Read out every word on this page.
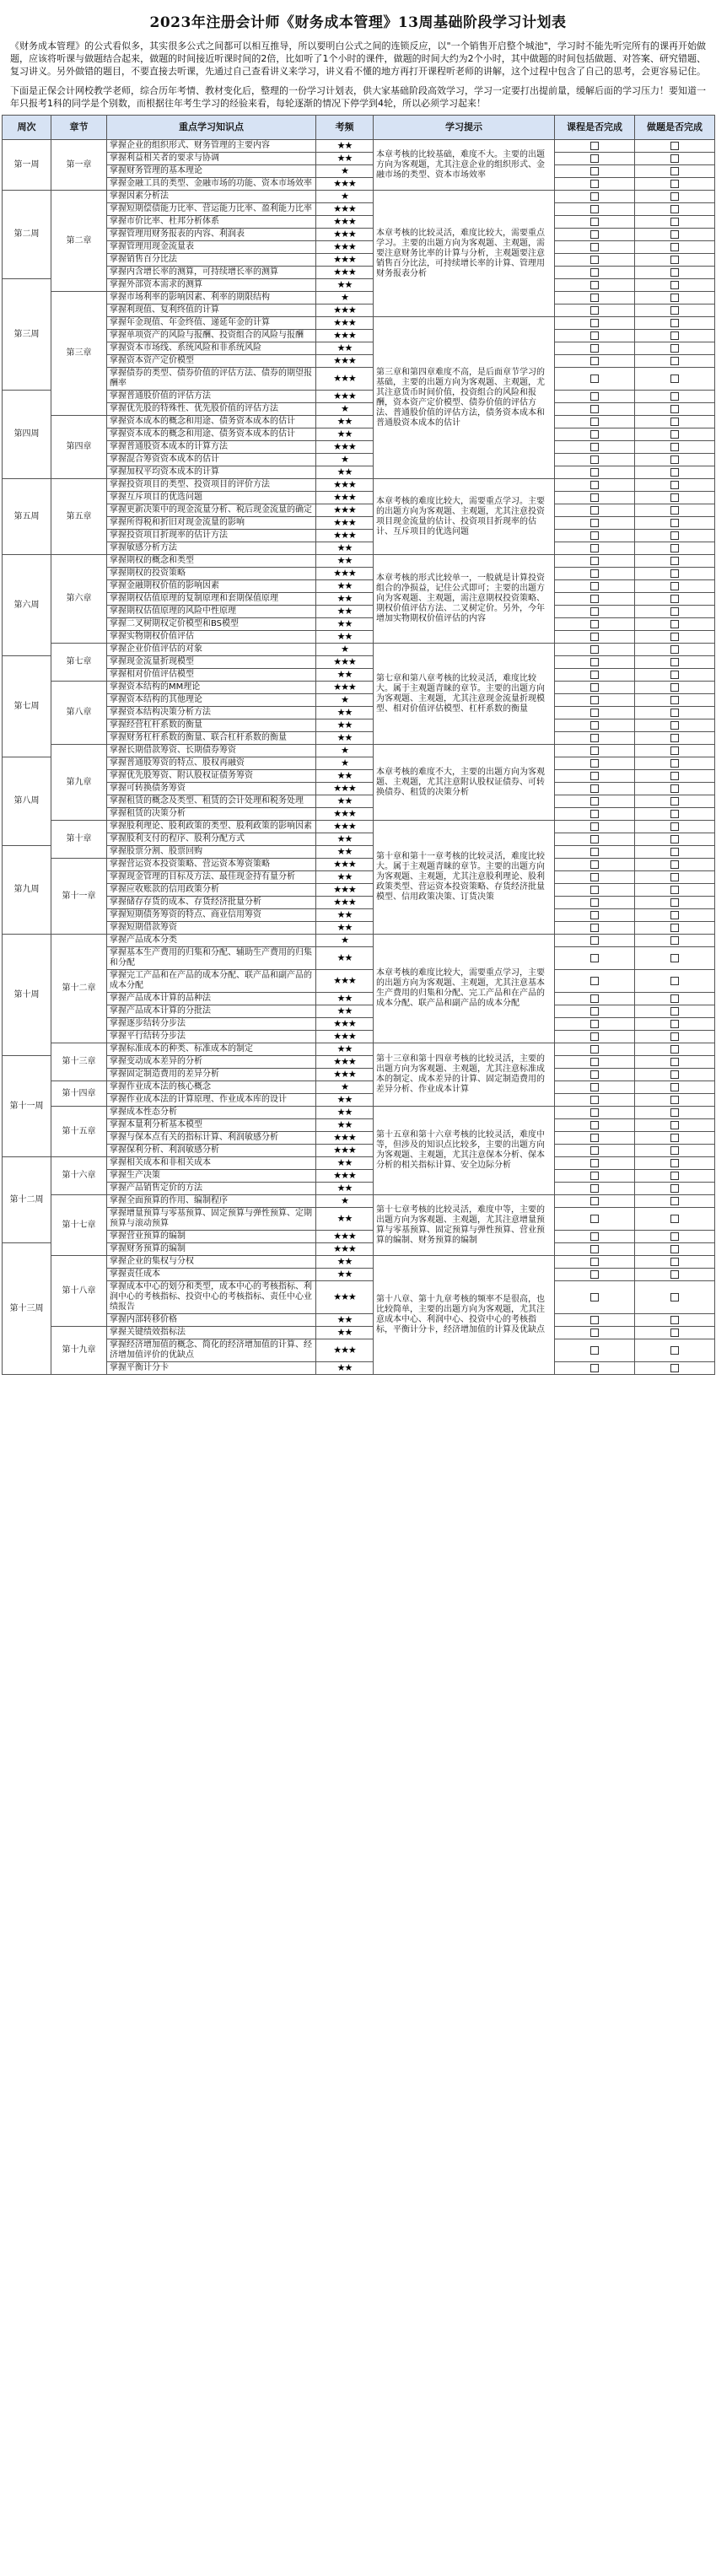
2023年注册会计师《财务成本管理》13周基础阶段学习计划表

《财务成本管理》的公式看似多，其实很多公式之间都可以相互推导，所以要明白公式之间的连锁反应，以"一个销售开启整个城池"，学习时不能先听完所有的课再开始做题，应该将听课与做题结合起来，做题的时间接近听课时间的2倍，比如听了1个小时的课件，做题的时间大约为2个小时，其中做题的时间包括做题、对答案、研究错题、复习讲义。另外做错的题目，不要直接去听课，先通过自己查看讲义来学习，讲义看不懂的地方再打开课程听老师的讲解，这个过程中包含了自己的思考，会更容易记住。

下面是正保会计网校教学老师，综合历年考情、教材变化后，整理的一份学习计划表，供大家基础阶段高效学习，学习一定要打出提前量，缓解后面的学习压力！要知道一年只报考1科的同学是个别数，而根据往年考生学习的经验来看，每轮逐渐的情况下停学到4轮，所以必须学习起来！

周次	章节	重点学习知识点	考频	学习提示	课程是否完成	做题是否完成
第一周	第一章	掌握企业的组织形式、财务管理的主要内容	★★	本章考核的比较基础，难度不大。主要的出题方向为客观题，尤其注意企业的组织形式、金融市场的类型、资本市场效率		
		掌握利益相关者的要求与协调	★★			
		掌握财务管理的基本理论	★			
		掌握金融工具的类型、金融市场的功能、资本市场效率	★★★			
第二周	第二章	掌握因素分析法	★	本章考核的比较灵活，难度比较大，需要重点学习。主要的出题方向为客观题、主观题，需要注意财务比率的计算与分析，主观题要注意销售百分比法，可持续增长率的计算、管理用财务报表分析		
		掌握短期偿债能力比率、营运能力比率、盈利能力比率	★★★			
		掌握市价比率、杜邦分析体系	★★★			
		掌握管理用财务报表的内容、利润表	★★★			
		掌握管理用现金流量表	★★★			
		掌握销售百分比法	★★★			
		掌握内含增长率的测算，可持续增长率的测算	★★★			
第三周		掌握外部资本需求的测算	★★			
	第三章	掌握市场利率的影响因素、利率的期限结构	★			
		掌握利现值、复利终值的计算	★★★			
		掌握年金现值、年金终值、递延年金的计算	★★★	第三章和第四章难度不高，是后面章节学习的基础，主要的出题方向为客观题、主观题，尤其注意货币时间价值，投资组合的风险和报酬，资本资产定价模型、债券价值的评估方法、普通股价值的评估方法，债务资本成本和普通股资本成本的估计		
		掌握单项资产的风险与报酬、投资组合的风险与报酬	★★★			
		掌握资本市场线、系统风险和非系统风险	★★			
		掌握资本资产定价模型	★★★			
		掌握债券的类型、债券价值的评估方法、债券的期望报酬率	★★★			
第四周		掌握普通股价值的评估方法	★★★			
		掌握优先股的特殊性、优先股价值的评估方法	★			
	第四章	掌握资本成本的概念和用途、债务资本成本的估计	★★			
		掌握资本成本的概念和用途、债务资本成本的估计	★★			
		掌握普通股资本成本的计算方法	★★★			
		掌握混合筹资资本成本的估计	★			
		掌握加权平均资本成本的计算	★★			
第五周	第五章	掌握投资项目的类型、投资项目的评价方法	★★★	本章考核的难度比较大，需要重点学习。主要的出题方向为客观题、主观题，尤其注意投资项目现金流量的估计、投资项目折现率的估计、互斥项目的优选问题		
		掌握互斥项目的优选问题	★★★			
		掌握更新决策中的现金流量分析、税后现金流量的确定	★★★			
		掌握所得税和折旧对现金流量的影响	★★★			
		掌握投资项目折现率的估计方法	★★★			
		掌握敏感分析方法	★★			
第六周	第六章	掌握期权的概念和类型	★★	本章考核的形式比较单一，一般就是计算投资组合的净损益，记住公式即可；主要的出题方向为客观题、主观题，需注意期权投资策略、期权价值评估方法、二叉树定价。另外，今年增加实物期权价值评估的内容		
		掌握期权的投资策略	★★★			
		掌握金融期权价值的影响因素	★★			
		掌握期权估值原理的复制原理和套期保值原理	★★			
		掌握期权估值原理的风险中性原理	★★			
		掌握二叉树期权定价模型和BS模型	★★			
		掌握实物期权价值评估	★★			
	第七章	掌握企业价值评估的对象	★	第七章和第八章考核的比较灵活，难度比较大。属于主观题青睐的章节。主要的出题方向为客观题、主观题，尤其注意现金流量折现模型、相对价值评估模型、杠杆系数的衡量		
第七周		掌握现金流量折现模型	★★★			
		掌握相对价值评估模型	★★			
	第八章	掌握资本结构的MM理论	★★★			
		掌握资本结构的其他理论	★			
		掌握资本结构决策分析方法	★★			
		掌握经营杠杆系数的衡量	★★			
		掌握财务杠杆系数的衡量、联合杠杆系数的衡量	★★			
	第九章	掌握长期借款筹资、长期债券筹资	★	本章考核的难度不大，主要的出题方向为客观题、主观题，尤其注意附认股权证债券、可转换债券、租赁的决策分析		
第八周		掌握普通股筹资的特点、股权再融资	★			
		掌握优先股筹资、附认股权证债务筹资	★★			
		掌握可转换债务筹资	★★★			
		掌握租赁的概念及类型、租赁的会计处理和税务处理	★★			
		掌握租赁的决策分析	★★★			
	第十章	掌握股利理论、股利政策的类型、股利政策的影响因素	★★★	第十章和第十一章考核的比较灵活，难度比较大。属于主观题青睐的章节。主要的出题方向为客观题、主观题，尤其注意股利理论、股利政策类型、营运资本投资策略、存货经济批量模型、信用政策决策、订货决策		
		掌握股利支付的程序、股利分配方式	★★			
第九周		掌握股票分割、股票回购	★★			
	第十一章	掌握营运资本投资策略、营运资本筹资策略	★★★			
		掌握现金管理的目标及方法、最佳现金持有量分析	★★			
		掌握应收账款的信用政策分析	★★★			
		掌握储存存货的成本、存货经济批量分析	★★★			
		掌握短期债务筹资的特点、商业信用筹资	★★			
		掌握短期借款筹资	★★			
第十周	第十二章	掌握产品成本分类	★	本章考核的难度比较大，需要重点学习，主要的出题方向为客观题、主观题，尤其注意基本生产费用的归集和分配、完工产品和在产品的成本分配、联产品和副产品的成本分配		
		掌握基本生产费用的归集和分配、辅助生产费用的归集和分配	★★			
		掌握完工产品和在产品的成本分配、联产品和副产品的成本分配	★★★			
		掌握产品成本计算的品种法	★★			
		掌握产品成本计算的分批法	★★			
		掌握逐步结转分步法	★★★			
		掌握平行结转分步法	★★★			
	第十三章	掌握标准成本的种类、标准成本的制定	★★	第十三章和第十四章考核的比较灵活，主要的出题方向为客观题、主观题，尤其注意标准成本的制定、成本差异的计算、固定制造费用的差异分析、作业成本计算		
第十一周		掌握变动成本差异的分析	★★★			
		掌握固定制造费用的差异分析	★★★			
	第十四章	掌握作业成本法的核心概念	★			
		掌握作业成本法的计算原理、作业成本库的设计	★★			
	第十五章	掌握成本性态分析	★★	第十五章和第十六章考核的比较灵活，难度中等，但涉及的知识点比较多，主要的出题方向为客观题、主观题，尤其注意保本分析、保本分析的相关指标计算、安全边际分析		
		掌握本量利分析基本模型	★★			
		掌握与保本点有关的指标计算、利润敏感分析	★★★			
		掌握保利分析、利润敏感分析	★★★			
第十二周	第十六章	掌握相关成本和非相关成本	★★			
		掌握生产决策	★★★			
		掌握产品销售定价的方法	★★			
	第十七章	掌握全面预算的作用、编制程序	★	第十七章考核的比较灵活，难度中等，主要的出题方向为客观题、主观题，尤其注意增量预算与零基预算、固定预算与弹性预算、营业预算的编制、财务预算的编制		
		掌握增量预算与零基预算、固定预算与弹性预算、定期预算与滚动预算	★★			
		掌握营业预算的编制	★★★			
第十三周		掌握财务预算的编制	★★★			
	第十八章	掌握企业的集权与分权	★★	第十八章、第十九章考核的频率不是很高，也比较简单，主要的出题方向为客观题，尤其注意成本中心、利润中心、投资中心的考核指标，平衡计分卡，经济增加值的计算及优缺点		
		掌握责任成本	★★			
		掌握成本中心的划分和类型，成本中心的考核指标、利润中心的考核指标、投资中心的考核指标、责任中心业绩报告	★★★			
		掌握内部转移价格	★★			
	第十九章	掌握关键绩效指标法	★★			
		掌握经济增加值的概念、简化的经济增加值的计算、经济增加值评价的优缺点	★★★			
		掌握平衡计分卡	★★			
